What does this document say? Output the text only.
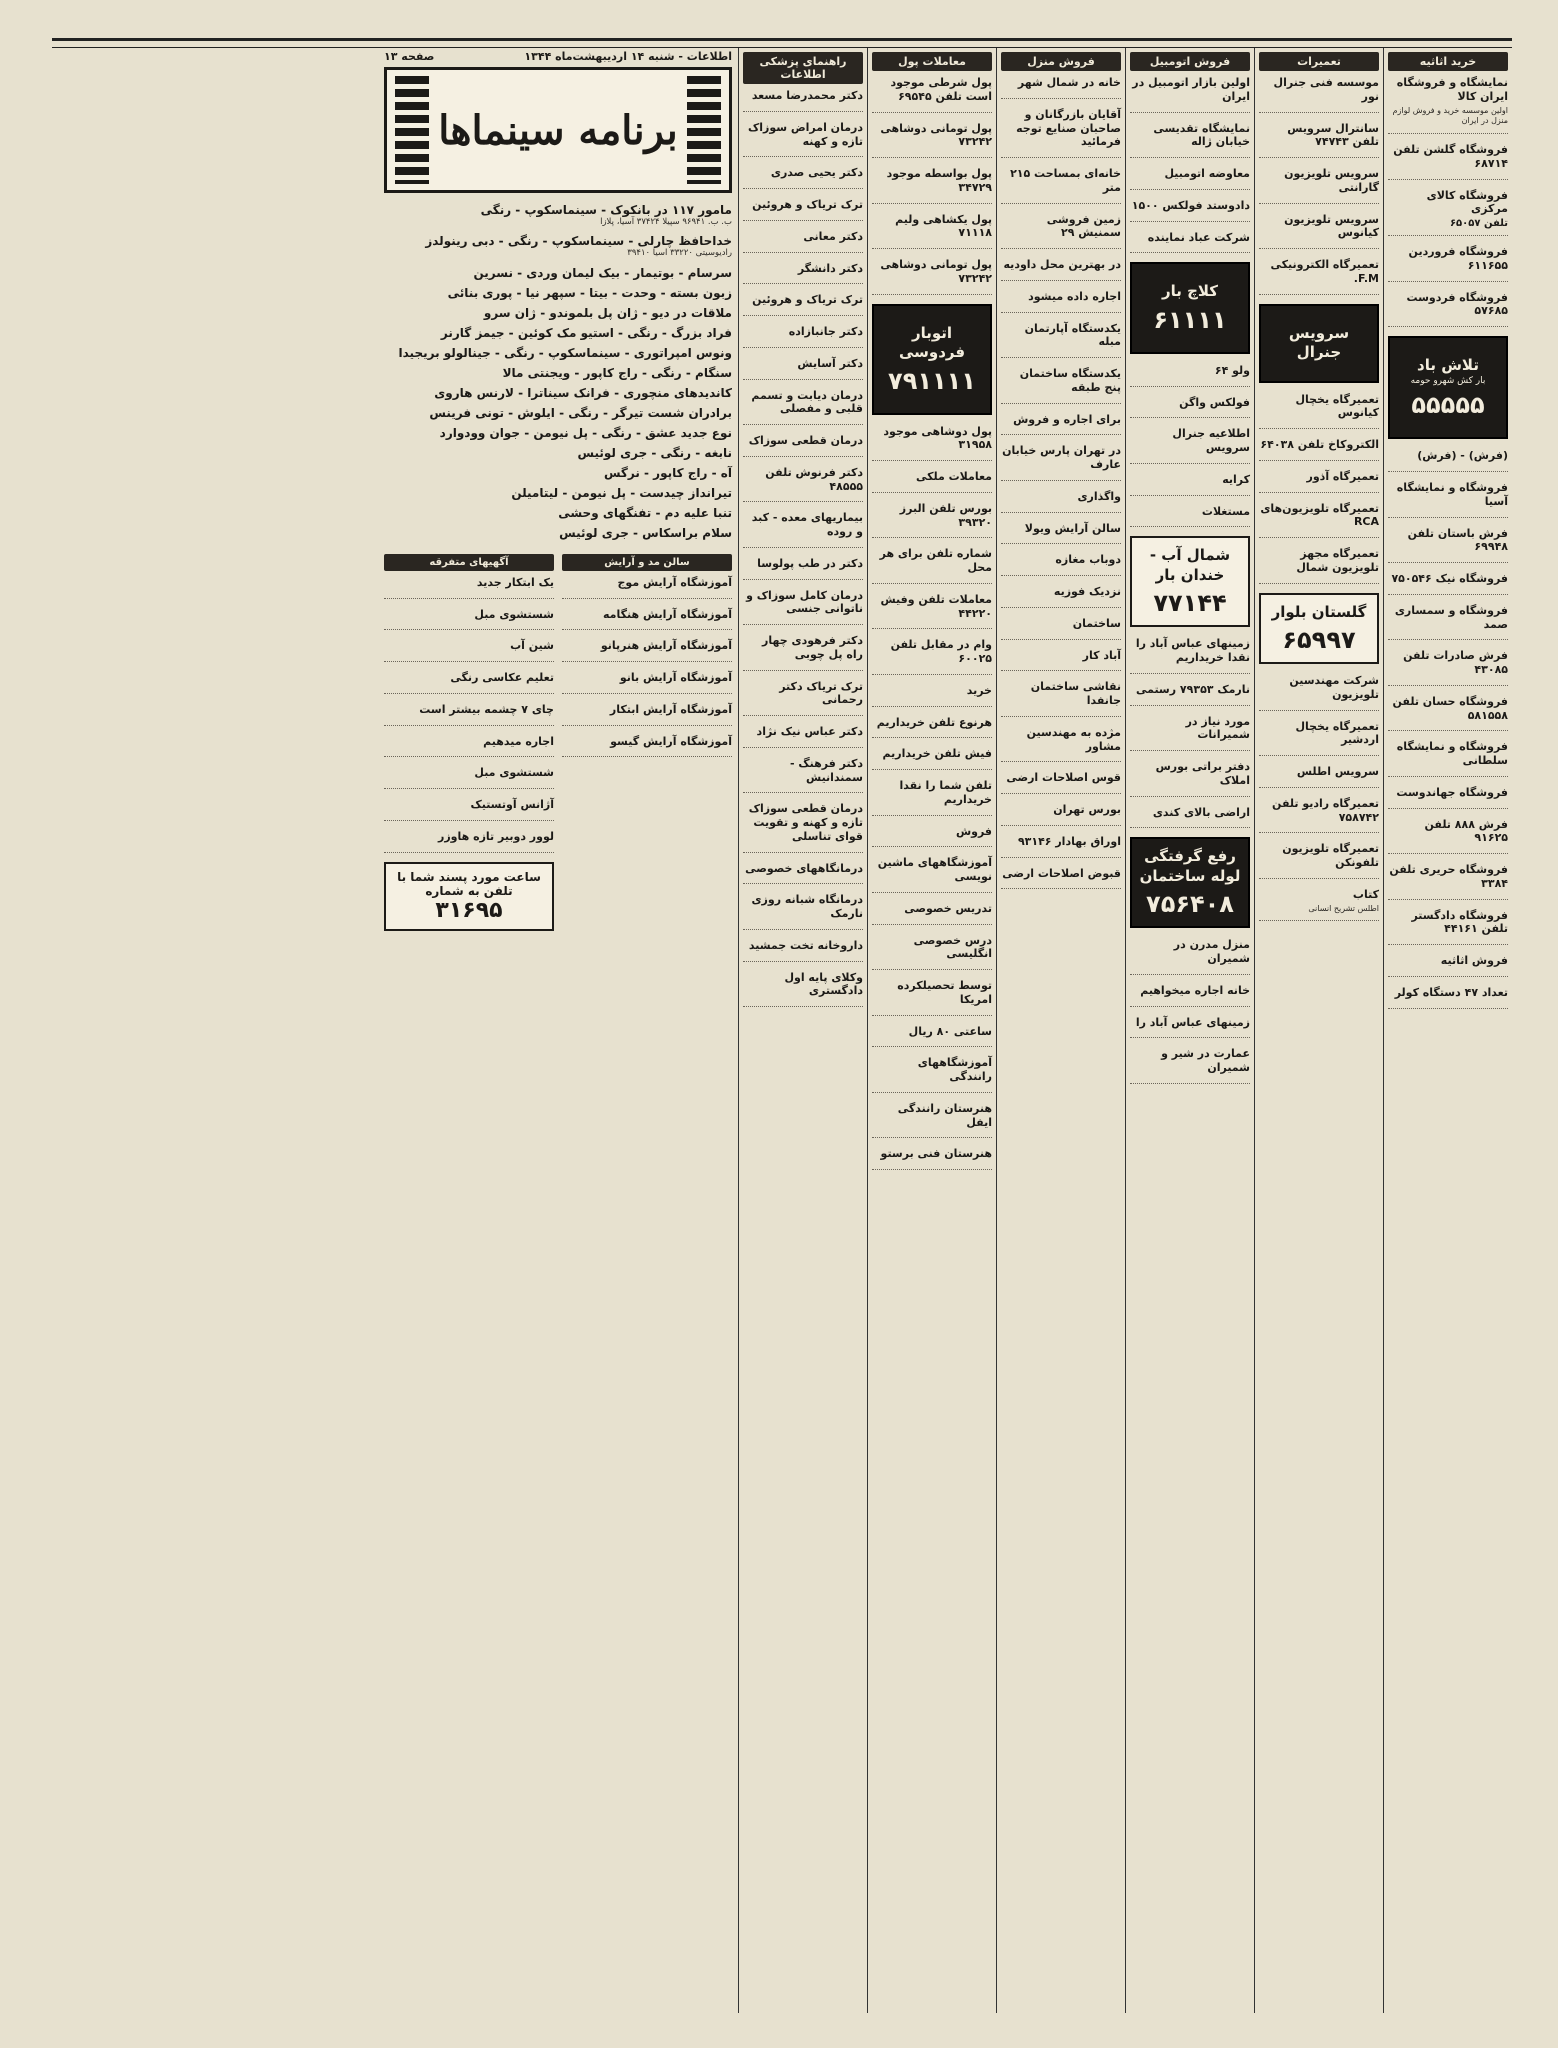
خرید اثاثیه
نمایشگاه و فروشگاه ایران کالا
اولین موسسه خرید و فروش لوازم منزل در ایران
فروشگاه گلشن تلفن ۶۸۷۱۴
فروشگاه کالای مرکزی
تلفن ۶۵۰۵۷
فروشگاه فروردین ۶۱۱۶۵۵
فروشگاه فردوست ۵۷۶۸۵
تلاش باد
بار کش شهرو حومه
۵۵۵۵۵
(فرش) - (فرش)
فروشگاه و نمایشگاه آسیا
فرش باستان تلفن ۶۹۹۴۸
فروشگاه نیک ۷۵۰۵۴۶
فروشگاه و سمساری صمد
فرش صادرات تلفن ۴۳۰۸۵
فروشگاه حسان تلفن ۵۸۱۵۵۸
فروشگاه و نمایشگاه سلطانی
فروشگاه جهاندوست
فرش ۸۸۸ تلفن ۹۱۶۲۵
فروشگاه حریری تلفن ۳۳۸۴
فروشگاه دادگستر تلفن ۴۴۱۶۱
فروش اثاثیه
تعداد ۴۷ دستگاه کولر
تعمیرات
موسسه فنی جنرال نور
سانترال سرویس تلفن ۷۴۷۴۳
سرویس تلویزیون گارانتی
سرویس تلویزیون کیانوس
تعمیرگاه الکترونیکی F.M.
سرویس جنرال
تعمیرگاه یخچال کیانوس
الکتروکاخ تلفن ۶۴۰۳۸
تعمیرگاه آذور
تعمیرگاه تلویزیون‌های RCA
تعمیرگاه مجهز تلویزیون شمال
گلستان بلوار
۶۵۹۹۷
شرکت مهندسین تلویزیون
تعمیرگاه یخچال اردشیر
سرویس اطلس
تعمیرگاه رادیو تلفن ۷۵۸۷۴۲
تعمیرگاه تلویزیون تلفونکن
کتاب
اطلس تشریح انسانی
فروش اتومبیل
اولین بازار اتومبیل در ایران
نمایشگاه تقدیسی خیابان ژاله
معاوضه اتومبیل
دادوستد فولکس ۱۵۰۰
شرکت عباد نماینده
کلاچ بار
۶۱۱۱۱
ولو ۶۴
فولکس واگن
اطلاعیه جنرال سرویس
کرایه
مستغلات
شمال آب - خندان بار
۷۷۱۴۴
زمینهای عباس آباد را نقدا خریداریم
نارمک ۷۹۳۵۳ رستمی
مورد نیاز در شمیرانات
دفتر براتی بورس املاک
اراضی بالای کندی
رفع گرفتگی لوله ساختمان
۷۵۶۴۰۸
منزل مدرن در شمیران
خانه اجاره میخواهیم
زمینهای عباس آباد را
عمارت در شیر و شمیران
فروش منزل
خانه در شمال شهر
آقایان بازرگانان و صاحبان صنایع توجه فرمائید
خانه‌ای بمساحت ۲۱۵ متر
زمین فروشی سمنیش ۲۹
در بهترین محل داودیه
اجاره داده میشود
یکدستگاه آپارتمان مبله
یکدستگاه ساختمان پنج طبقه
برای اجاره و فروش
در تهران پارس خیابان عارف
واگذاری
سالن آرایش ویولا
دوباب مغازه
نزدیک فوزیه
ساختمان
آباد کار
نقاشی ساختمان جانفدا
مژده به مهندسین مشاور
قوس اصلاحات ارضی
بورس تهران
اوراق بهادار ۹۳۱۴۶
قبوض اصلاحات ارضی
معاملات پول
پول شرطی موجود است تلفن ۶۹۵۴۵
پول تومانی دوشاهی ۷۳۲۴۲
پول بواسطه موجود ۳۴۷۲۹
پول یکشاهی ولیم ۷۱۱۱۸
پول تومانی دوشاهی ۷۳۲۴۲
اتوبار فردوسی
۷۹۱۱۱۱
پول دوشاهی موجود ۳۱۹۵۸
معاملات ملکی
بورس تلفن البرز ۳۹۳۲۰
شماره تلفن برای هر محل
معاملات تلفن وفیش ۴۴۲۲۰
وام در مقابل تلفن ۶۰۰۲۵
خرید
هرنوع تلفن خریداریم
فیش تلفن خریداریم
تلفن شما را نقدا خریداریم
فروش
آموزشگاههای ماشین نویسی
تدریس خصوصی
درس خصوصی انگلیسی
توسط تحصیلکرده امریکا
ساعتی ۸۰ ریال
آموزشگاههای رانندگی
هنرستان رانندگی ایفل
هنرستان فنی برستو
راهنمای پزشکی اطلاعات
دکتر محمدرضا مسعد
درمان امراض سوزاک تازه و کهنه
دکتر یحیی صدری
ترک تریاک و هروئین
دکتر معانی
دکتر دانشگر
ترک تریاک و هروئین
دکتر جانبازاده
دکتر آسایش
درمان دیابت و تسمم قلبی و مفصلی
درمان قطعی سوزاک
دکتر فرنوش تلفن ۴۸۵۵۵
بیماریهای معده - کبد و روده
دکتر در طب پولوسا
درمان کامل سوزاک و ناتوانی جنسی
دکتر فرهودی چهار راه پل چوبی
ترک تریاک دکتر رحمانی
دکتر عباس نیک نژاد
دکتر فرهنگ - سمندانیش
درمان قطعی سوزاک تازه و کهنه و تقویت قوای تناسلی
درمانگاههای خصوصی
درمانگاه شبانه روزی نارمک
داروخانه تخت جمشید
وکلای پایه اول دادگستری
اطلاعات - شنبه ۱۴ اردیبهشت‌ماه ۱۳۴۴
صفحه ۱۳
برنامه سینماها
مامور ۱۱۷ در بانکوک - سینماسکوپ - رنگی
ب. ب. ۹۶۹۴۱ سپیلا ۳۷۴۲۴ آسیا، پلازا
خداحافظ چارلی - سینماسکوپ - رنگی - دبی رینولدز
رادیوسیتی ۳۳۲۲۰ اسیا ۳۹۴۱۰
سرسام - بوتیمار - بیک لیمان وردی - نسرین
زبون بسته - وحدت - بیتا - سپهر نیا - پوری بنائی
ملاقات در دیو - ژان پل بلموندو - ژان سرو
فراد بزرگ - رنگی - استیو مک کوئین - جیمز گارنر
ونوس امپراتوری - سینماسکوپ - رنگی - جینالولو بریجیدا
سنگام - رنگی - راج کاپور - ویجنتی مالا
کاندیدهای منچوری - فرانک سیناترا - لارنس هاروی
برادران شست تیرگر - رنگی - ایلوش - تونی فرینس
نوع جدید عشق - رنگی - پل نیومن - جوان وودوارد
نابغه - رنگی - جری لوئیس
آه - راج کاپور - نرگس
تیرانداز چیدست - پل نیومن - لیتامیلن
تنبا علیه دم - تفنگهای وحشی
سلام براسکاس - جری لوئیس
سالن مد و آرایش
آموزشگاه آرایش موج
آموزشگاه آرایش هنگامه
آموزشگاه آرایش هنرپانو
آموزشگاه آرایش بانو
آموزشگاه آرایش ابتکار
آموزشگاه آرایش گیسو
آگهیهای متفرقه
یک ابتکار جدید
شستشوی مبل
شین آب
تعلیم عکاسی رنگی
چای ۷ چشمه بیشتر است
اجاره میدهیم
شستشوی مبل
آژانس آوتستیک
لوور دوبیر تازه هاوزر
ساعت مورد پسند شما با تلفن به شماره
۳۱۶۹۵
